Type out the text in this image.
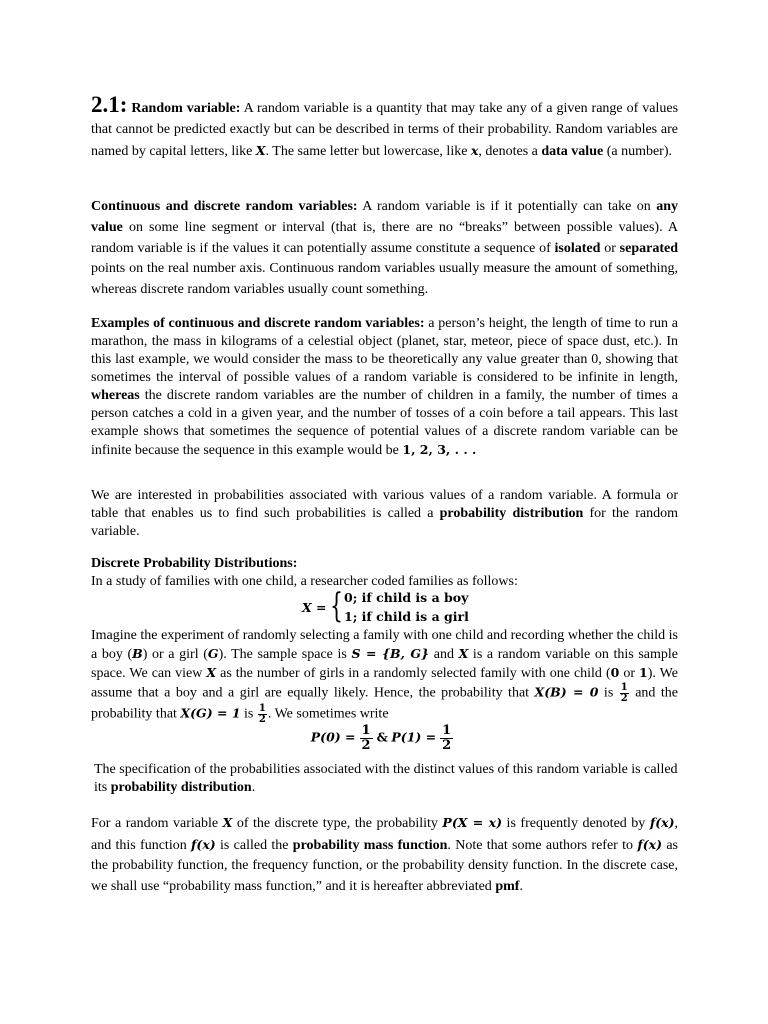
2.1: Random variable: A random variable is a quantity that may take any of a given range of values that cannot be predicted exactly but can be described in terms of their probability. Random variables are named by capital letters, like X. The same letter but lowercase, like x, denotes a data value (a number).
Continuous and discrete random variables: A random variable is if it potentially can take on any value on some line segment or interval (that is, there are no “breaks” between possible values). A random variable is if the values it can potentially assume constitute a sequence of isolated or separated points on the real number axis. Continuous random variables usually measure the amount of something, whereas discrete random variables usually count something.
Examples of continuous and discrete random variables: a person’s height, the length of time to run a marathon, the mass in kilograms of a celestial object (planet, star, meteor, piece of space dust, etc.). In this last example, we would consider the mass to be theoretically any value greater than 0, showing that sometimes the interval of possible values of a random variable is considered to be infinite in length, whereas the discrete random variables are the number of children in a family, the number of times a person catches a cold in a given year, and the number of tosses of a coin before a tail appears. This last example shows that sometimes the sequence of potential values of a discrete random variable can be infinite because the sequence in this example would be 1, 2, 3, . . .
We are interested in probabilities associated with various values of a random variable. A formula or table that enables us to find such probabilities is called a probability distribution for the random variable.
Discrete Probability Distributions:
In a study of families with one child, a researcher coded families as follows:
X = { 0; if child is a boy
1; if child is a girl
Imagine the experiment of randomly selecting a family with one child and recording whether the child is a boy (B) or a girl (G). The sample space is S = {B, G} and X is a random variable on this sample space. We can view X as the number of girls in a randomly selected family with one child (0 or 1). We assume that a boy and a girl are equally likely. Hence, the probability that X(B) = 0 is $\frac{1}{2}$ and the probability that X(G) = 1 is $\frac{1}{2}$ . We sometimes write
$P(0) = \frac{1}{2}$ & $P(1) = \frac{1}{2}$
The specification of the probabilities associated with the distinct values of this random variable is called its probability distribution.
For a random variable X of the discrete type, the probability P(X = x) is frequently denoted by f(x), and this function f(x) is called the probability mass function. Note that some authors refer to f(x) as the probability function, the frequency function, or the probability density function. In the discrete case, we shall use “probability mass function,” and it is hereafter abbreviated pmf.
